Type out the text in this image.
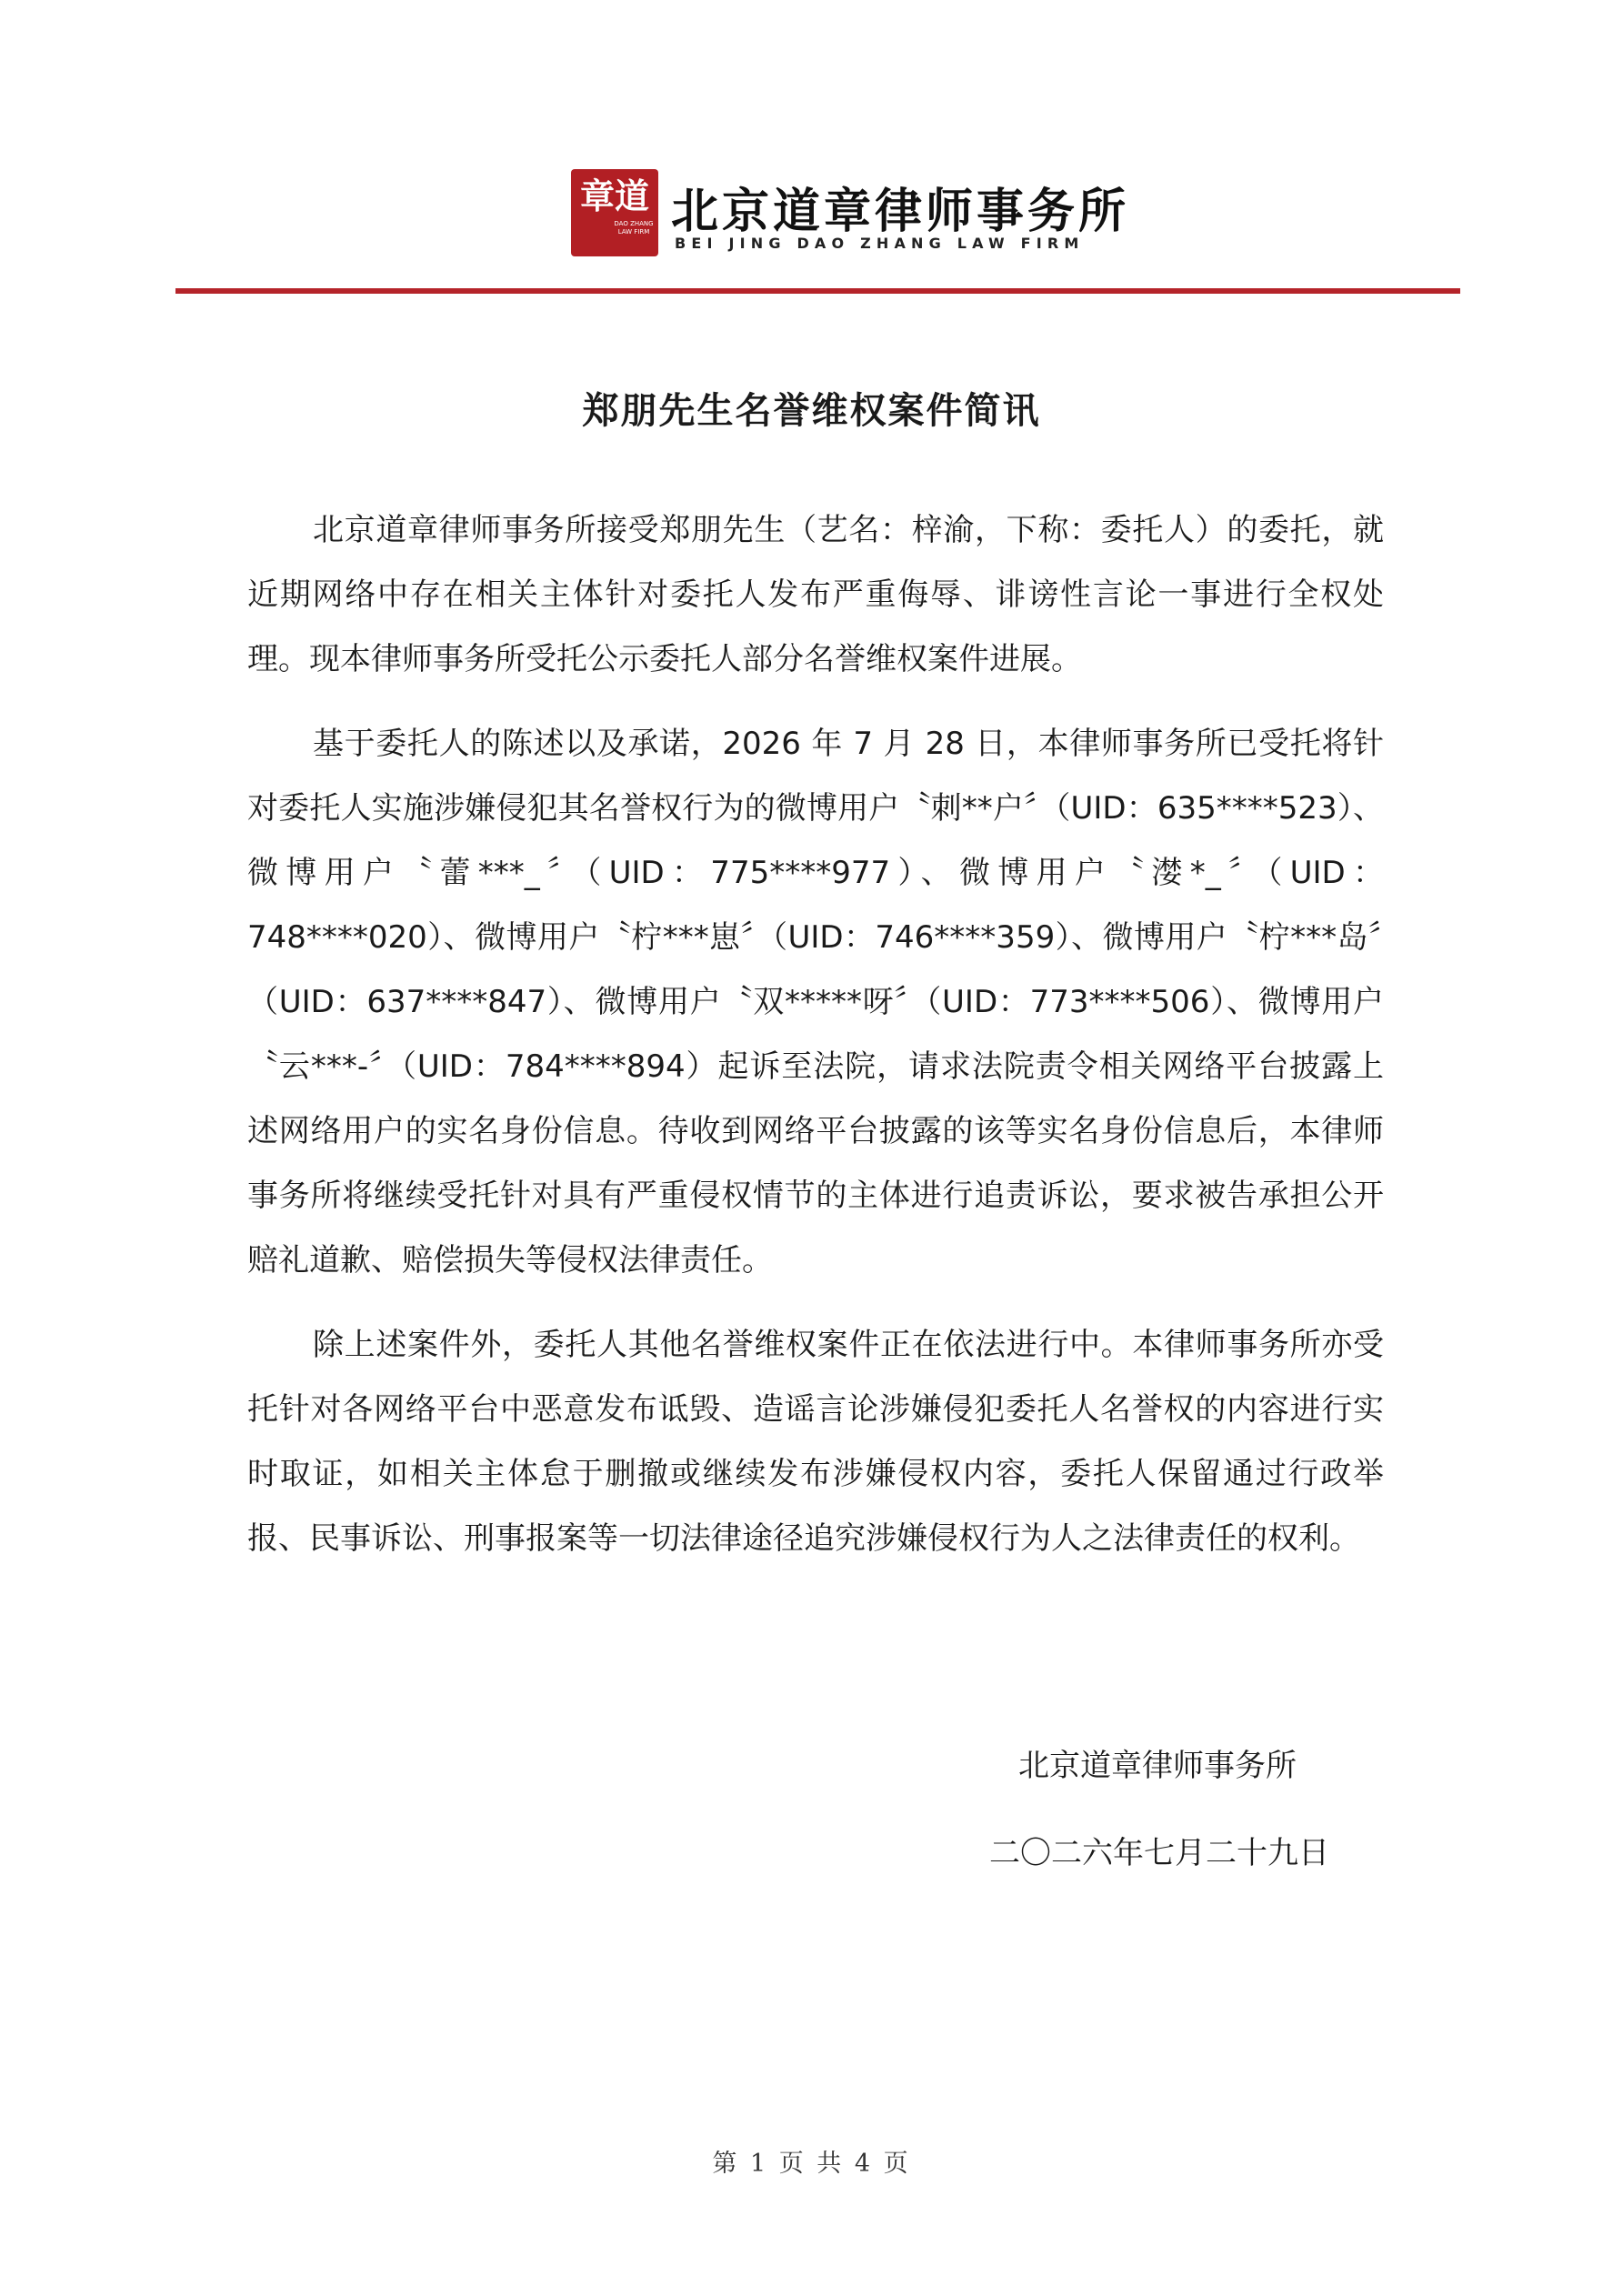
章道
DAO ZHANG LAW FIRM 北京道章律师事务所
BEI JING DAO ZHANG LAW FIRM
郑朋先生名誉维权案件简讯

北京道章律师事务所接受郑朋先生（艺名：梓渝，下称：委托人）的委托，就近期网络中存在相关主体针对委托人发布严重侮辱、诽谤性言论一事进行全权处理。现本律师事务所受托公示委托人部分名誉维权案件进展。

基于委托人的陈述以及承诺，2026 年 7 月 28 日，本律师事务所已受托将针对委托人实施涉嫌侵犯其名誉权行为的微博用户〝刺**户〞（UID：635****523）、微博用户〝蕾***_〞（UID：775****977）、微博用户〝漤*_〞（UID：748****020）、微博用户〝柠***崽〞（UID：746****359）、微博用户〝柠***岛〞（UID：637****847）、微博用户〝双*****呀〞（UID：773****506）、微博用户〝云***-〞（UID：784****894）起诉至法院，请求法院责令相关网络平台披露上述网络用户的实名身份信息。待收到网络平台披露的该等实名身份信息后，本律师事务所将继续受托针对具有严重侵权情节的主体进行追责诉讼，要求被告承担公开赔礼道歉、赔偿损失等侵权法律责任。

除上述案件外，委托人其他名誉维权案件正在依法进行中。本律师事务所亦受托针对各网络平台中恶意发布诋毁、造谣言论涉嫌侵犯委托人名誉权的内容进行实时取证，如相关主体怠于删撤或继续发布涉嫌侵权内容，委托人保留通过行政举报、民事诉讼、刑事报案等一切法律途径追究涉嫌侵权行为人之法律责任的权利。

北京道章律师事务所
二〇二六年七月二十九日
第 1 页 共 4 页
